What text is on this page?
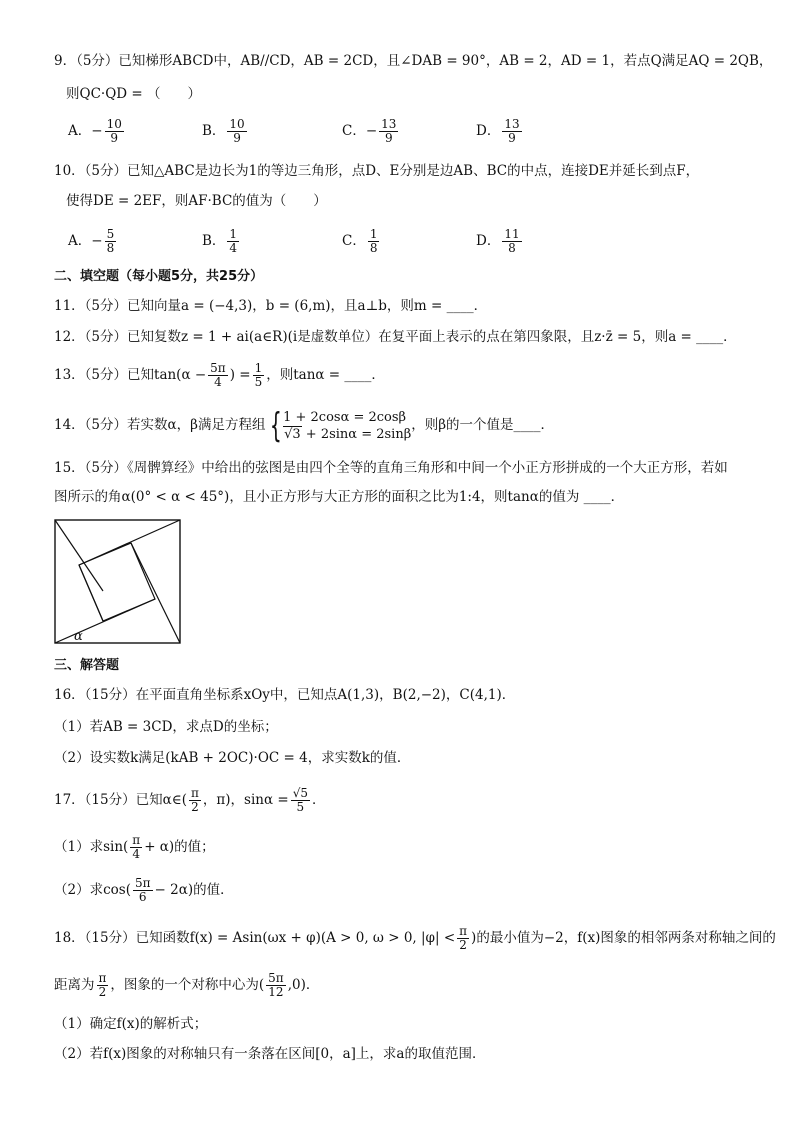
9．（5分）已知梯形ABCD中，AB//CD，AB = 2CD，且∠DAB = 90°，AB = 2，AD = 1，若点Q满足AQ = 2QB，
则QC·QD = （　　）
A．− $\frac{10}{9}$	B． $\frac{10}{9}$	C．− $\frac{13}{9}$	D． $\frac{13}{9}$
10．（5分）已知△ABC是边长为1的等边三角形，点D、E分别是边AB、BC的中点，连接DE并延长到点F，
使得DE = 2EF，则AF·BC的值为（　　）
A．− $\frac{5}{8}$	B． $\frac{1}{4}$	C． $\frac{1}{8}$	D． $\frac{11}{8}$
二、填空题（每小题5分，共25分）
11．（5分）已知向量a = (−4,3)，b = (6,m)，且a⊥b，则m = ____．
12．（5分）已知复数z = 1 + ai(a∈R)(i是虚数单位）在复平面上表示的点在第四象限，且z·z̄ = 5，则a = ____．
13．（5分）已知$\tan(\alpha - \frac{5\pi}{4}$ ) = $\frac{1}{5}$ ，则tanα = ____．
14．（5分）若实数α，β满足方程组 { 1 + 2cosα = 2cosβ
√3 + 2sinα = 2sinβ
，则β的一个值是____．
15．（5分）《周髀算经》中给出的弦图是由四个全等的直角三角形和中间一个小正方形拼成的一个大正方形，若如
图所示的角α(0° < α < 45°)，且小正方形与大正方形的面积之比为1:4，则tanα的值为 ____．
α
三、解答题
16．（15分）在平面直角坐标系xOy中，已知点A(1,3)，B(2,−2)，C(4,1)．
（1）若AB = 3CD，求点D的坐标；
（2）设实数k满足(kAB + 2OC)·OC = 4，求实数k的值．
17．（15分）已知α∈( $\frac{\pi}{2}$ ，π)，$\sin\alpha = \frac{√5}{5}$ ．
（1）求$\sin( \frac{\pi}{4} + \alpha)$的值；
（2）求$\cos( \frac{5\pi}{6} - 2\alpha)$的值．
18．（15分）已知函数f(x) = Asin(ωx + φ)(A > 0, ω > 0, $|\varphi| < \frac{\pi}{2}$ )的最小值为−2，f(x)图象的相邻两条对称轴之间的
距离为 $\frac{\pi}{2}$ ，图象的一个对称中心为( $\frac{5\pi}{12} ,0$)．
（1）确定f(x)的解析式；
（2）若f(x)图象的对称轴只有一条落在区间[0，a]上，求a的取值范围．
